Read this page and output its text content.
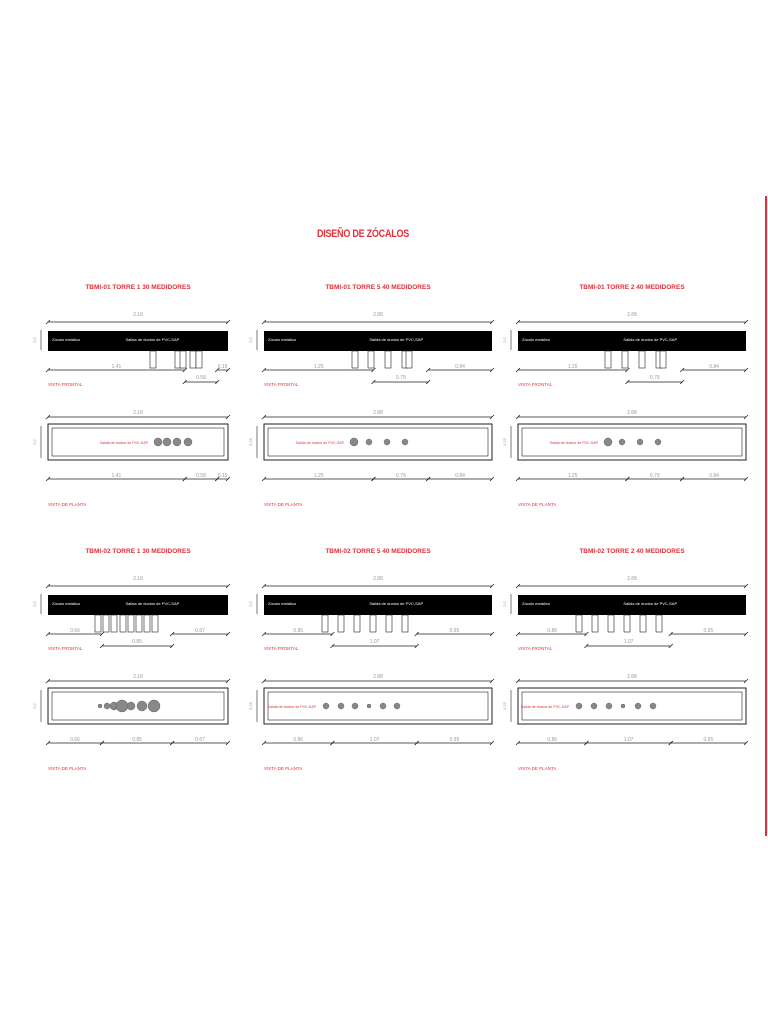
DISEÑO DE ZÓCALOS
TBMI-01 TORRE 1 30 MEDIDORES
2.18
0.2	Zócalo metálico	Salida de ductos de PVC-SAP
1.41	0.19
0.58
VISTA FRONTAL
2.18
0.2	Salida de ductos de PVC-SAP
1.41	0.58 0.19
VISTA DE PLANTA
TBMI-01 TORRE 5 40 MEDIDORES
2.88
0.2	Zócalo metálico	Salida de ductos de PVC-SAP
1.25	0.84
0.79
VISTA FRONTAL
2.88
0.25	Salida de ductos de PVC-SAP
1.25	0.79	0.84
VISTA DE PLANTA
TBMI-01 TORRE 2 40 MEDIDORES
2.88
0.2	Zócalo metálico	Salida de ductos de PVC-SAP
1.25	0.84
0.79
VISTA FRONTAL
2.88
0.25	Salida de ductos de PVC-SAP
1.25	0.79	0.84
VISTA DE PLANTA
TBMI-02 TORRE 1 30 MEDIDORES
2.18
0.2	Zócalo metálico	Salida de ductos de PVC-SAP
0.66	0.67
0.85
VISTA FRONTAL
2.18
0.2
0.66	0.85	0.67
VISTA DE PLANTA
TBMI-02 TORRE 5 40 MEDIDORES
2.88
0.2	Zócalo metálico	Salida de ductos de PVC-SAP
0.86	0.95
1.07
VISTA FRONTAL
2.88
0.25	Salida de ductos de PVC-SAP
0.86	1.07	0.95
VISTA DE PLANTA
TBMI-02 TORRE 2 40 MEDIDORES
2.88
0.2	Zócalo metálico	Salida de ductos de PVC-SAP
0.86	0.95
1.07
VISTA FRONTAL
2.88
0.25	Salida de ductos de PVC-SAP
0.86	1.07	0.95
VISTA DE PLANTA
